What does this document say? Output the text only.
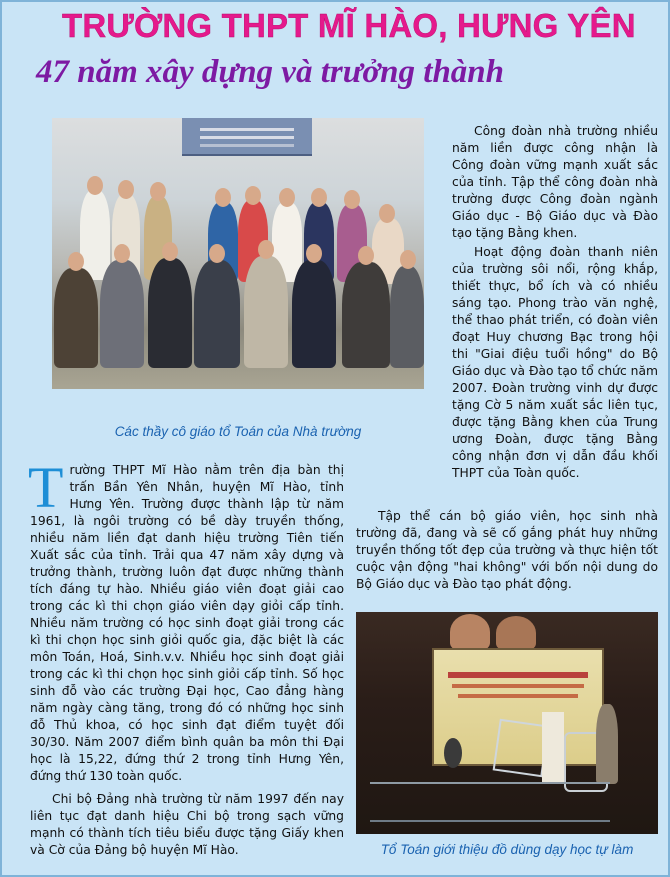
TRƯỜNG THPT MĨ HÀO, HƯNG YÊN
47 năm xây dựng và trưởng thành
Các thầy cô giáo tổ Toán của Nhà trường

Công đoàn nhà trường nhiều năm liền được công nhận là Công đoàn vững mạnh xuất sắc của tỉnh. Tập thể công đoàn nhà trường được Công đoàn ngành Giáo dục - Bộ Giáo dục và Đào tạo tặng Bằng khen.

Hoạt động đoàn thanh niên của trường sôi nổi, rộng khắp, thiết thực, bổ ích và có nhiều sáng tạo. Phong trào văn nghệ, thể thao phát triển, có đoàn viên đoạt Huy chương Bạc trong hội thi "Giai điệu tuổi hồng" do Bộ Giáo dục và Đào tạo tổ chức năm 2007. Đoàn trường vinh dự được tặng Cờ 5 năm xuất sắc liên tục, được tặng Bằng khen của Trung ương Đoàn, được tặng Bằng công nhận đơn vị dẫn đầu khối THPT của Toàn quốc.

Tập thể cán bộ giáo viên, học sinh nhà trường đã, đang và sẽ cố gắng phát huy những truyền thống tốt đẹp của trường và thực hiện tốt cuộc vận động "hai không" với bốn nội dung do Bộ Giáo dục và Đào tạo phát động.

Trường THPT Mĩ Hào nằm trên địa bàn thị trấn Bần Yên Nhân, huyện Mĩ Hào, tỉnh Hưng Yên. Trường được thành lập từ năm 1961, là ngôi trường có bề dày truyền thống, nhiều năm liền đạt danh hiệu trường Tiên tiến Xuất sắc của tỉnh. Trải qua 47 năm xây dựng và trưởng thành, trường luôn đạt được những thành tích đáng tự hào. Nhiều giáo viên đoạt giải cao trong các kì thi chọn giáo viên dạy giỏi cấp tỉnh. Nhiều năm trường có học sinh đoạt giải trong các kì thi chọn học sinh giỏi quốc gia, đặc biệt là các môn Toán, Hoá, Sinh.v.v. Nhiều học sinh đoạt giải trong các kì thi chọn học sinh giỏi cấp tỉnh. Số học sinh đỗ vào các trường Đại học, Cao đẳng hàng năm ngày càng tăng, trong đó có những học sinh đỗ Thủ khoa, có học sinh đạt điểm tuyệt đối 30/30. Năm 2007 điểm bình quân ba môn thi Đại học là 15,22, đứng thứ 2 trong tỉnh Hưng Yên, đứng thứ 130 toàn quốc.

Chi bộ Đảng nhà trường từ năm 1997 đến nay liên tục đạt danh hiệu Chi bộ trong sạch vững mạnh có thành tích tiêu biểu được tặng Giấy khen và Cờ của Đảng bộ huyện Mĩ Hào.	Tổ Toán giới thiệu đồ dùng dạy học tự làm
